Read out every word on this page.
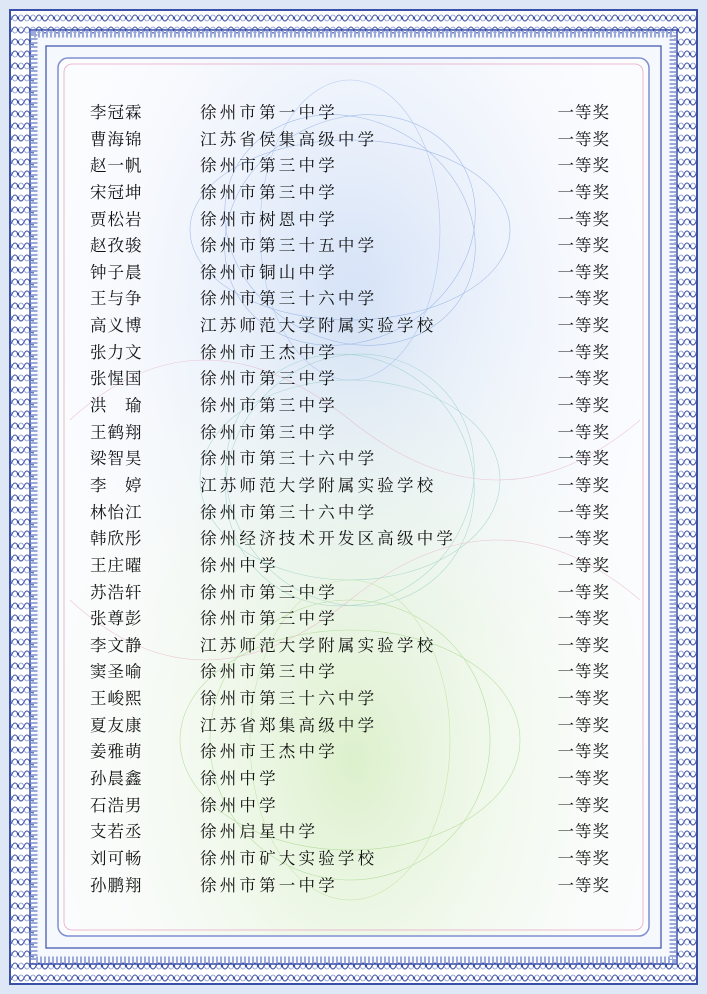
李冠霖	徐州市第一中学	一等奖
曹海锦	江苏省侯集高级中学	一等奖
赵一帆	徐州市第三中学	一等奖
宋冠坤	徐州市第三中学	一等奖
贾松岩	徐州市树恩中学	一等奖
赵孜骏	徐州市第三十五中学	一等奖
钟子晨	徐州市铜山中学	一等奖
王与争	徐州市第三十六中学	一等奖
高义博	江苏师范大学附属实验学校	一等奖
张力文	徐州市王杰中学	一等奖
张惺国	徐州市第三中学	一等奖
洪　瑜	徐州市第三中学	一等奖
王鹤翔	徐州市第三中学	一等奖
梁智昊	徐州市第三十六中学	一等奖
李　婷	江苏师范大学附属实验学校	一等奖
林怡江	徐州市第三十六中学	一等奖
韩欣彤	徐州经济技术开发区高级中学	一等奖
王庄曜	徐州中学	一等奖
苏浩轩	徐州市第三中学	一等奖
张尊彭	徐州市第三中学	一等奖
李文静	江苏师范大学附属实验学校	一等奖
窦圣喻	徐州市第三中学	一等奖
王峻熙	徐州市第三十六中学	一等奖
夏友康	江苏省郑集高级中学	一等奖
姜雅萌	徐州市王杰中学	一等奖
孙晨鑫	徐州中学	一等奖
石浩男	徐州中学	一等奖
支若丞	徐州启星中学	一等奖
刘可畅	徐州市矿大实验学校	一等奖
孙鹏翔	徐州市第一中学	一等奖
